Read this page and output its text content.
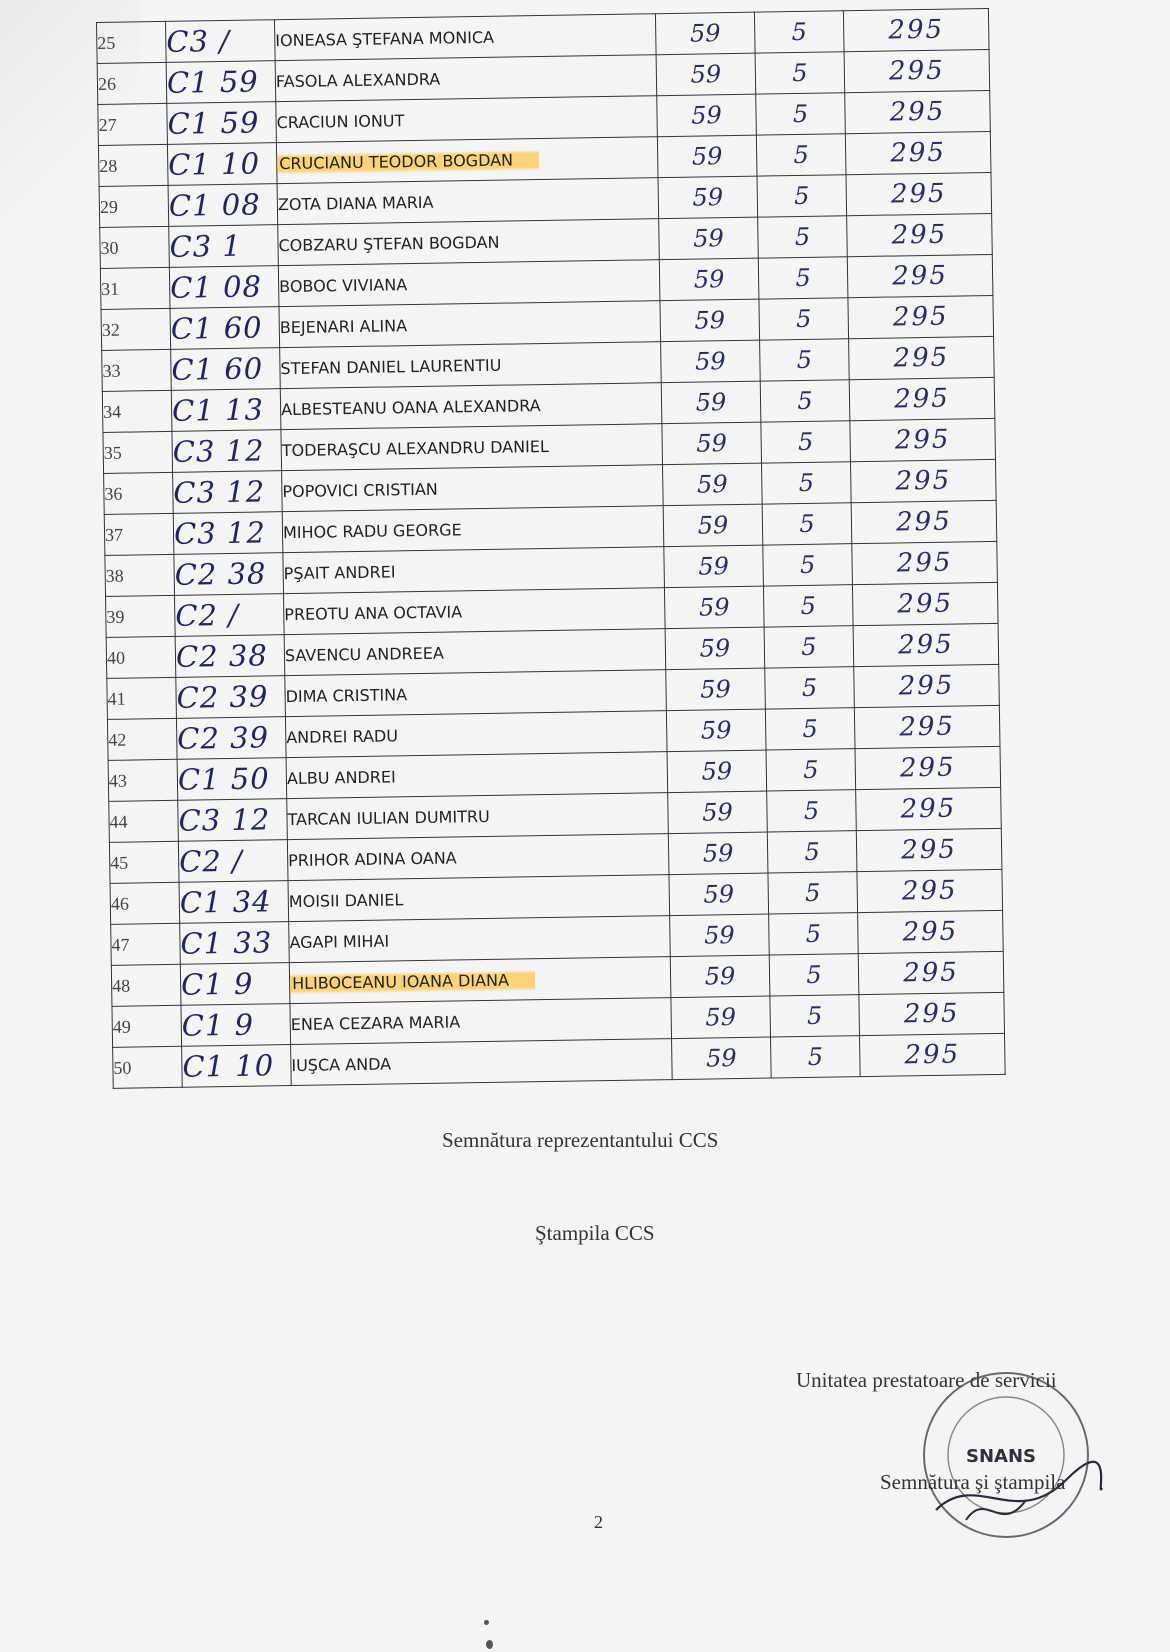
25	C3 /	IONEASA ŞTEFANA MONICA	59	5	295
26	C1 59	FASOLA ALEXANDRA	59	5	295
27	C1 59	CRACIUN IONUT	59	5	295
28	C1 10	CRUCIANU TEODOR BOGDAN	59	5	295
29	C1 08	ZOTA DIANA MARIA	59	5	295
30	C3 1	COBZARU ŞTEFAN BOGDAN	59	5	295
31	C1 08	BOBOC VIVIANA	59	5	295
32	C1 60	BEJENARI ALINA	59	5	295
33	C1 60	STEFAN DANIEL LAURENTIU	59	5	295
34	C1 13	ALBESTEANU OANA ALEXANDRA	59	5	295
35	C3 12	TODERAŞCU ALEXANDRU DANIEL	59	5	295
36	C3 12	POPOVICI CRISTIAN	59	5	295
37	C3 12	MIHOC RADU GEORGE	59	5	295
38	C2 38	PŞAIT ANDREI	59	5	295
39	C2 /	PREOTU ANA OCTAVIA	59	5	295
40	C2 38	SAVENCU ANDREEA	59	5	295
41	C2 39	DIMA CRISTINA	59	5	295
42	C2 39	ANDREI RADU	59	5	295
43	C1 50	ALBU ANDREI	59	5	295
44	C3 12	TARCAN IULIAN DUMITRU	59	5	295
45	C2 /	PRIHOR ADINA OANA	59	5	295
46	C1 34	MOISII DANIEL	59	5	295
47	C1 33	AGAPI MIHAI	59	5	295
48	C1 9	HLIBOCEANU IOANA DIANA	59	5	295
49	C1 9	ENEA CEZARA MARIA	59	5	295
50	C1 10	IUŞCA ANDA	59	5	295
Semnătura reprezentantului CCS
Ştampila CCS
Unitatea prestatoare de servicii
Semnătura şi ştampila
SNANS
2
